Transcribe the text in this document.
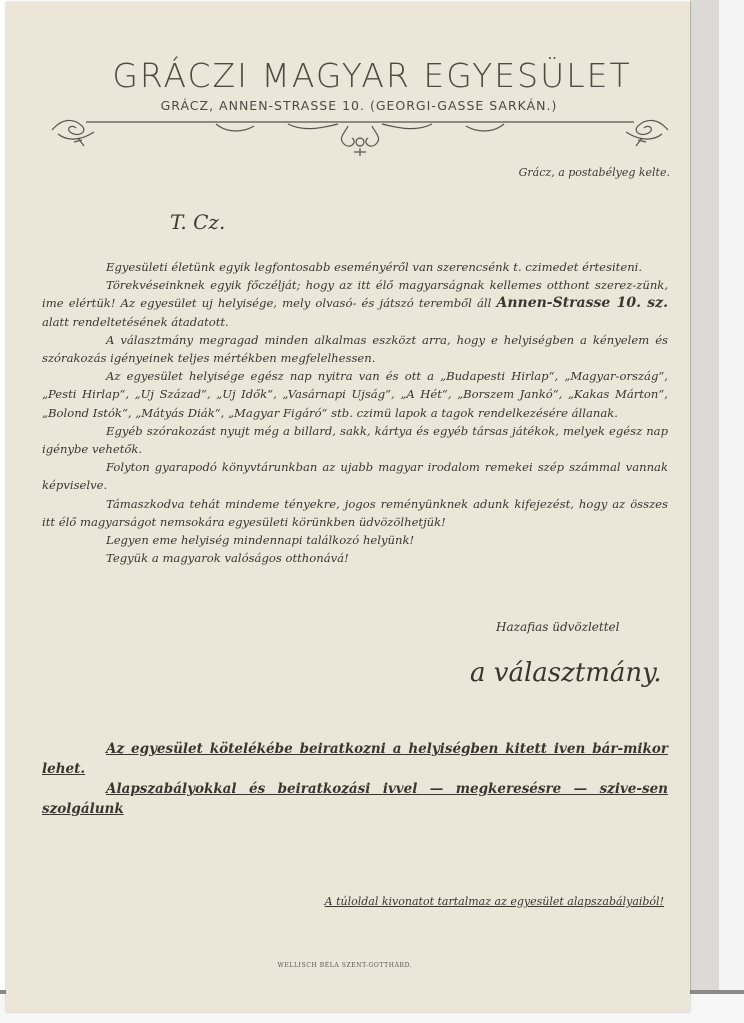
GRÁCZI MAGYAR EGYESÜLET
GRÁCZ, ANNEN-STRASSE 10. (GEORGI-GASSE SARKÁN.)
Grácz, a postabélyeg kelte.
T. Cz.

Egyesületi életünk egyik legfontosabb eseményéről van szerencsénk t. czimedet értesiteni.

Törekvéseinknek egyik főczélját; hogy az itt élő magyarságnak kellemes otthont szerez-zünk, ime elértük! Az egyesület uj helyisége, mely olvasó- és játszó teremből áll Annen-Strasse 10. sz. alatt rendeltetésének átadatott.

A választmány megragad minden alkalmas eszközt arra, hogy e helyiségben a kényelem és szórakozás igényeinek teljes mértékben megfelelhessen.

Az egyesület helyisége egész nap nyitra van és ott a „Budapesti Hirlap“, „Magyar-ország“, „Pesti Hirlap“, „Uj Század“, „Uj Idők“, „Vasárnapi Ujság“, „A Hét“, „Borszem Jankó“, „Kakas Márton“, „Bolond Istók“, „Mátyás Diák“, „Magyar Figáró“ stb. czimü lapok a tagok rendelkezésére állanak.

Egyéb szórakozást nyujt még a billard, sakk, kártya és egyéb társas játékok, melyek egész nap igénybe vehetők.

Folyton gyarapodó könyvtárunkban az ujabb magyar irodalom remekei szép számmal vannak képviselve.

Támaszkodva tehát mindeme tényekre, jogos reményünknek adunk kifejezést, hogy az összes itt élő magyarságot nemsokára egyesületi körünkben üdvözölhetjük!

Legyen eme helyiség mindennapi találkozó helyünk!

Tegyük a magyarok valóságos otthonává!

Hazafias üdvözlettel
a választmány.

Az egyesület kötelékébe beiratkozni a helyiségben kitett iven bár-mikor lehet.

Alapszabályokkal és beiratkozási ivvel — megkeresésre — szive-sen szolgálunk

A túloldal kivonatot tartalmaz az egyesület alapszabályaiból!
WELLISCH BÉLA SZENT-GOTTHÁRD.
